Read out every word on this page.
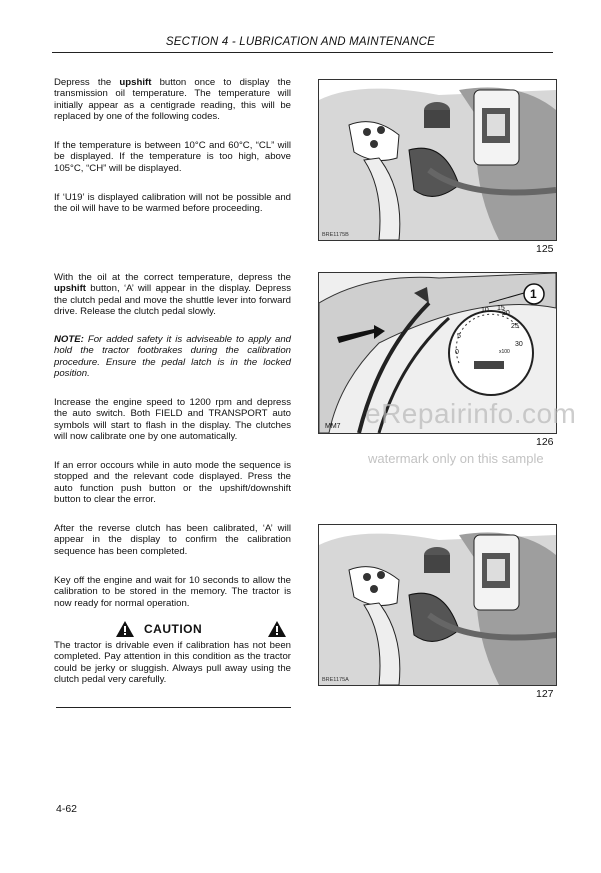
SECTION 4 - LUBRICATION AND MAINTENANCE

Depress the upshift button once to display the transmission oil temperature. The temperature will initially appear as a centigrade reading, this will be replaced by one of the following codes.

If the temperature is between 10°C and 60°C, “CL” will be displayed. If the temperature is too high, above 105°C, “CH” will be displayed.
If ‘U19’ is displayed calibration will not be possible and the oil will have to be warmed before proceeding.

With the oil at the correct temperature, depress the upshift button, ‘A’ will appear in the display. Depress the clutch pedal and move the shuttle lever into forward drive. Release the clutch pedal slowly.

NOTE: For added safety it is adviseable to apply and hold the tractor footbrakes during the calibration procedure. Ensure the pedal latch is in the locked position.

Increase the engine speed to 1200 rpm and depress the auto switch. Both FIELD and TRANSPORT auto symbols will start to flash in the display. The clutches will now calibrate one by one automatically.
If an error occours while in auto mode the sequence is stopped and the relevant code displayed. Press the auto function push button or the upshift/downshift button to clear the error.
After the reverse clutch has been calibrated, ‘A’ will appear in the display to confirm the calibration sequence has been completed.
Key off the engine and wait for 10 seconds to allow the calibration to be stored in the memory. The tractor is now ready for normal operation.
CAUTION
The tractor is drivable even if calibration has not been completed. Pay attention in this condition as the tractor could be jerky or sluggish. Always pull away using the clutch pedal very carefully.
BRE1175B
125
1
10 15
20
25
30
5
0	x100
MM7
126
BRE1175A
127
eRepairinfo.com
watermark only on this sample
4-62
